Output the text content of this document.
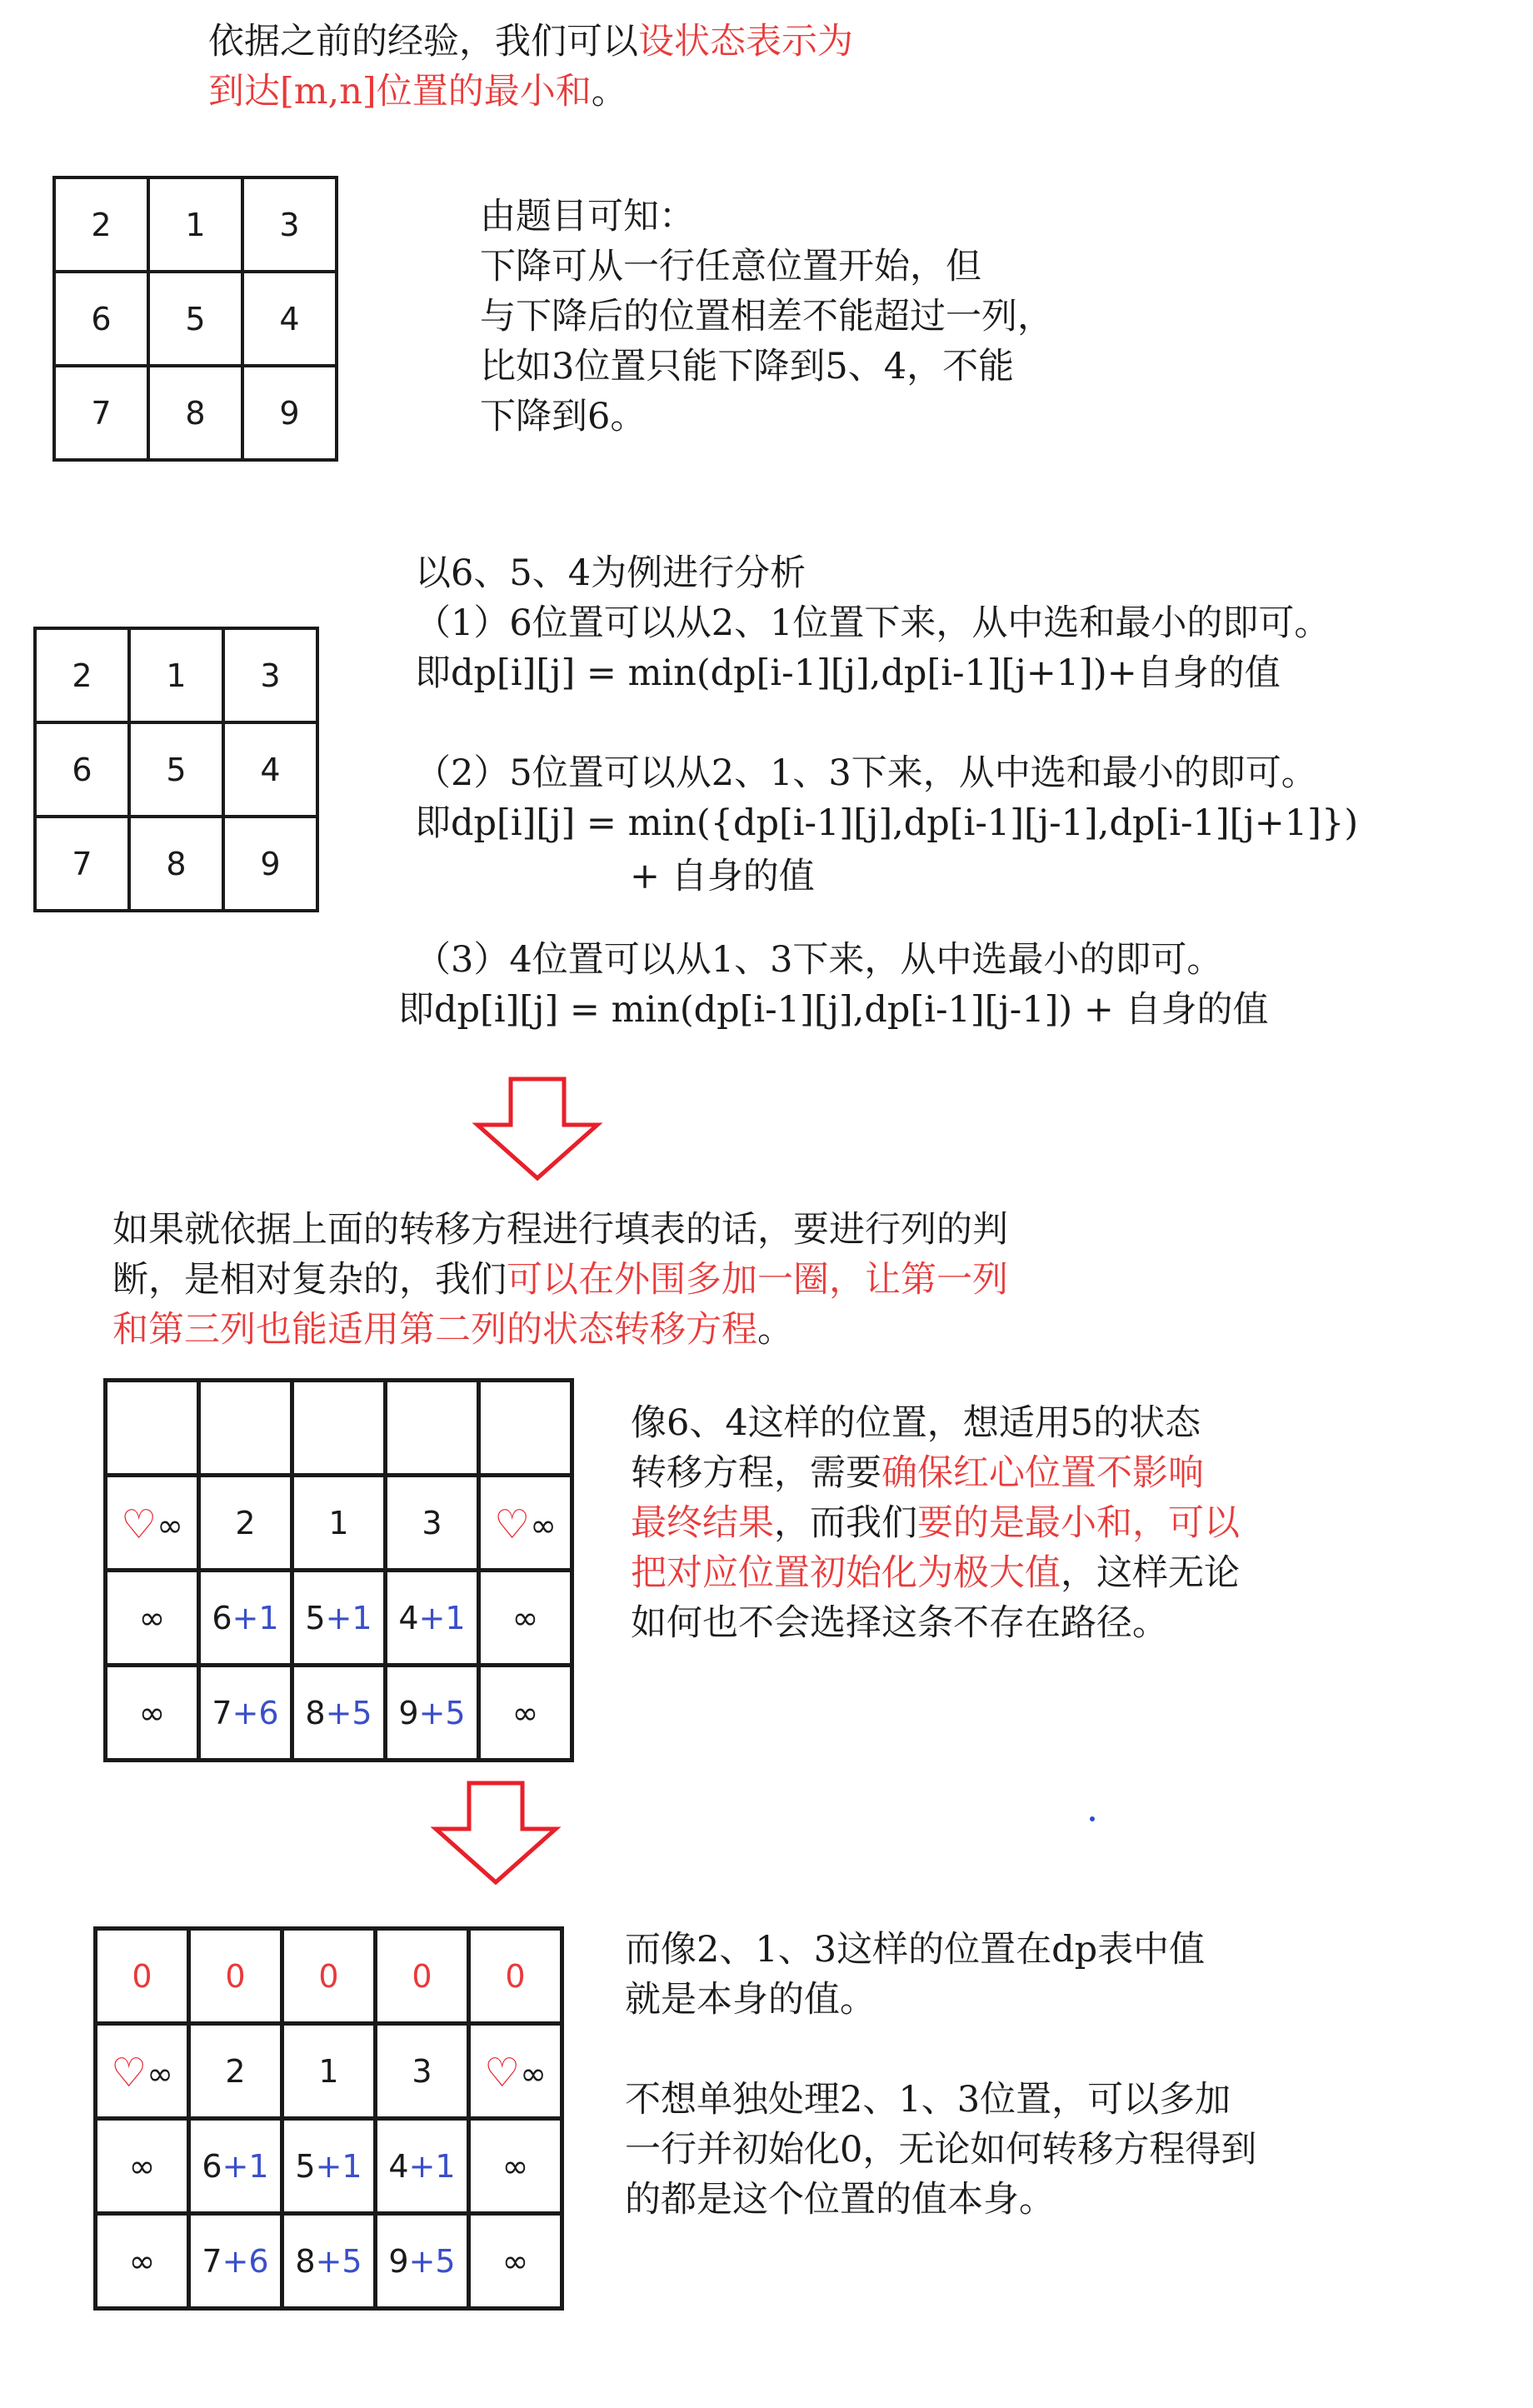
依据之前的经验，我们可以设状态表示为
到达[m,n]位置的最小和。
2	1	3
6	5	4
7	8	9
由题目可知：
下降可从一行任意位置开始，但
与下降后的位置相差不能超过一列，
比如3位置只能下降到5、4，不能
下降到6。
2	1	3
6	5	4
7	8	9
以6、5、4为例进行分析
（1）6位置可以从2、1位置下来，从中选和最小的即可。
即dp[i][j] = min(dp[i-1][j],dp[i-1][j+1])+自身的值
（2）5位置可以从2、1、3下来，从中选和最小的即可。
即dp[i][j] = min({dp[i-1][j],dp[i-1][j-1],dp[i-1][j+1]})
+ 自身的值
（3）4位置可以从1、3下来，从中选最小的即可。
即dp[i][j] = min(dp[i-1][j],dp[i-1][j-1]) + 自身的值
如果就依据上面的转移方程进行填表的话，要进行列的判
断，是相对复杂的，我们可以在外围多加一圈，让第一列
和第三列也能适用第二列的状态转移方程。

♡∞	2	1	3	♡∞
∞	6+1	5+1	4+1	∞
∞	7+6	8+5	9+5	∞
像6、4这样的位置，想适用5的状态
转移方程，需要确保红心位置不影响
最终结果，而我们要的是最小和，可以
把对应位置初始化为极大值，这样无论
如何也不会选择这条不存在路径。
0	0	0	0	0
♡∞	2	1	3	♡∞
∞	6+1	5+1	4+1	∞
∞	7+6	8+5	9+5	∞
而像2、1、3这样的位置在dp表中值
就是本身的值。
不想单独处理2、1、3位置，可以多加
一行并初始化0，无论如何转移方程得到
的都是这个位置的值本身。
